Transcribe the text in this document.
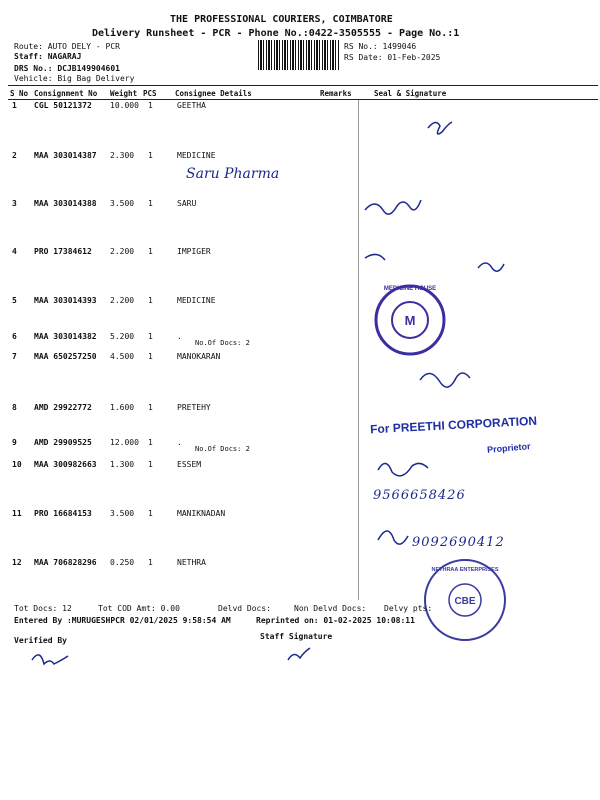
THE PROFESSIONAL COURIERS, COIMBATORE
Delivery Runsheet - PCR - Phone No.:0422-3505555 - Page No.:1
Route: AUTO DELY - PCR
Staff: NAGARAJ
DRS No.: DCJB149904601
Vehicle: Big Bag Delivery
RS No.: 1499046
RS Date: 01-Feb-2025
S No Consignment No Weight PCS Consignee Details	Remarks	Seal & Signature
1 CGL 50121372 10.000 1	GEETHA
2 MAA 303014387 2.300 1	MEDICINE
3 MAA 303014388 3.500 1	SARU
4 PRO 17384612 2.200 1	IMPIGER
5 MAA 303014393 2.200 1	MEDICINE
6 MAA 303014382 5.200 1	.
No.Of Docs: 2
7 MAA 650257250 4.500 1	MANOKARAN
8 AMD 29922772 1.600 1	PRETEHY
9 AMD 29909525 12.000 1	.
No.Of Docs: 2
10 MAA 300982663 1.300 1	ESSEM
11 PRO 16684153 3.500 1	MANIKNADAN
12 MAA 706828296 0.250 1	NETHRA
Saru Pharma
9566658426
9092690412
For PREETHI CORPORATION
Proprietor
M
MEDICINE HOUSE
CBE
NETHRAA ENTERPRISES
Tot Docs: 12	Tot COD Amt: 0.00	Delvd Docs:	Non Delvd Docs: Delvy pts:
Entered By :MURUGESHPCR 02/01/2025 9:58:54 AM	Reprinted on: 01-02-2025 10:08:11
Verified By	Staff Signature
